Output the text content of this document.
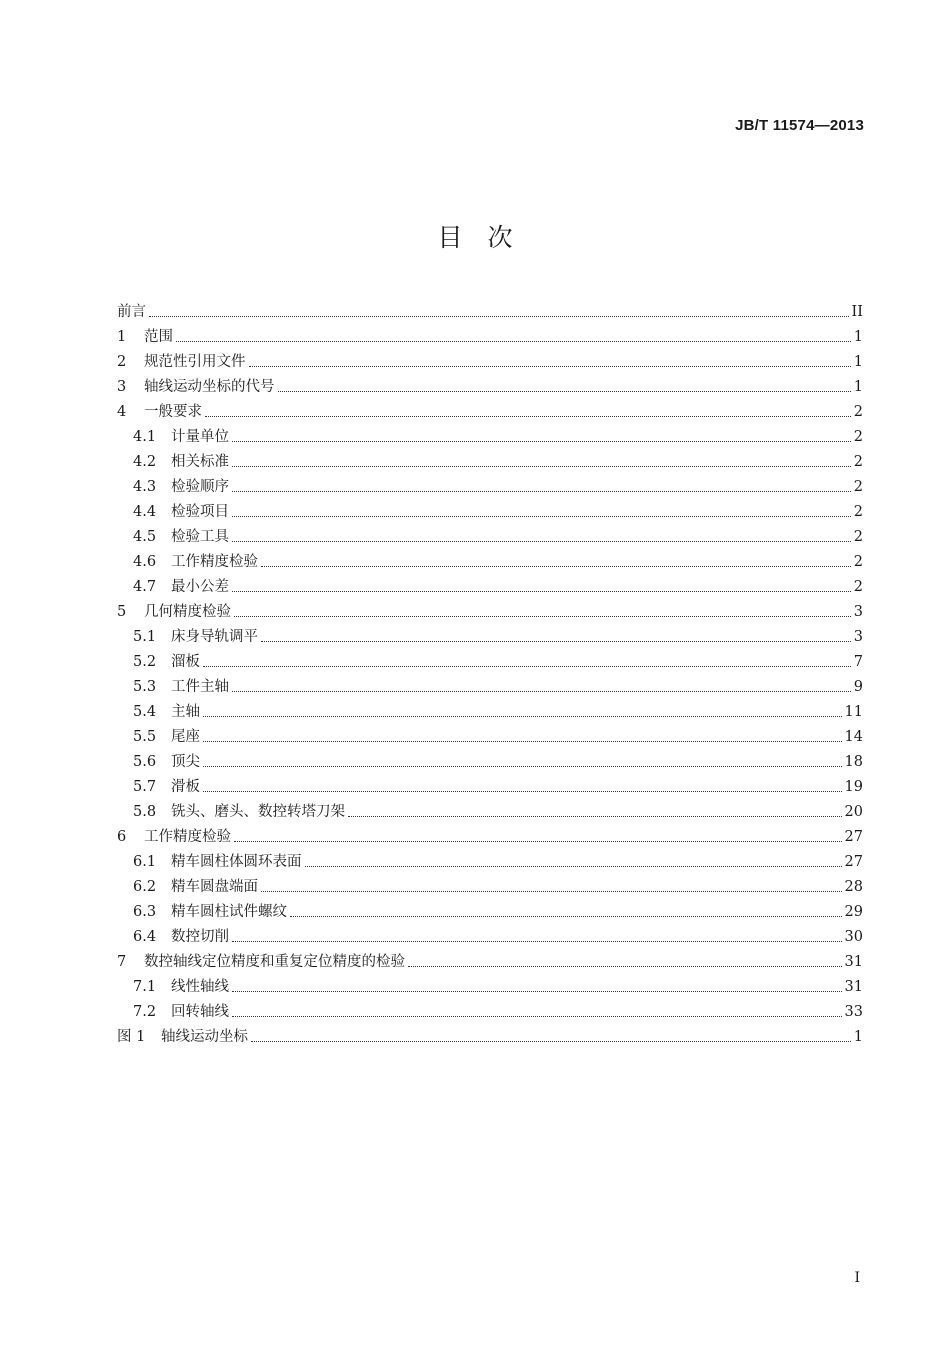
JB/T 11574—2013
目　次
前言	II
1	范围	1
2	规范性引用文件	1
3	轴线运动坐标的代号	1
4	一般要求	2
4.1	计量单位	2
4.2	相关标准	2
4.3	检验顺序	2
4.4	检验项目	2
4.5	检验工具	2
4.6	工作精度检验	2
4.7	最小公差	2
5	几何精度检验	3
5.1	床身导轨调平	3
5.2	溜板	7
5.3	工件主轴	9
5.4	主轴	11
5.5	尾座	14
5.6	顶尖	18
5.7	滑板	19
5.8	铣头、磨头、数控转塔刀架	20
6	工作精度检验	27
6.1	精车圆柱体圆环表面	27
6.2	精车圆盘端面	28
6.3	精车圆柱试件螺纹	29
6.4	数控切削	30
7	数控轴线定位精度和重复定位精度的检验	31
7.1	线性轴线	31
7.2	回转轴线	33
图 1	轴线运动坐标	1
I
